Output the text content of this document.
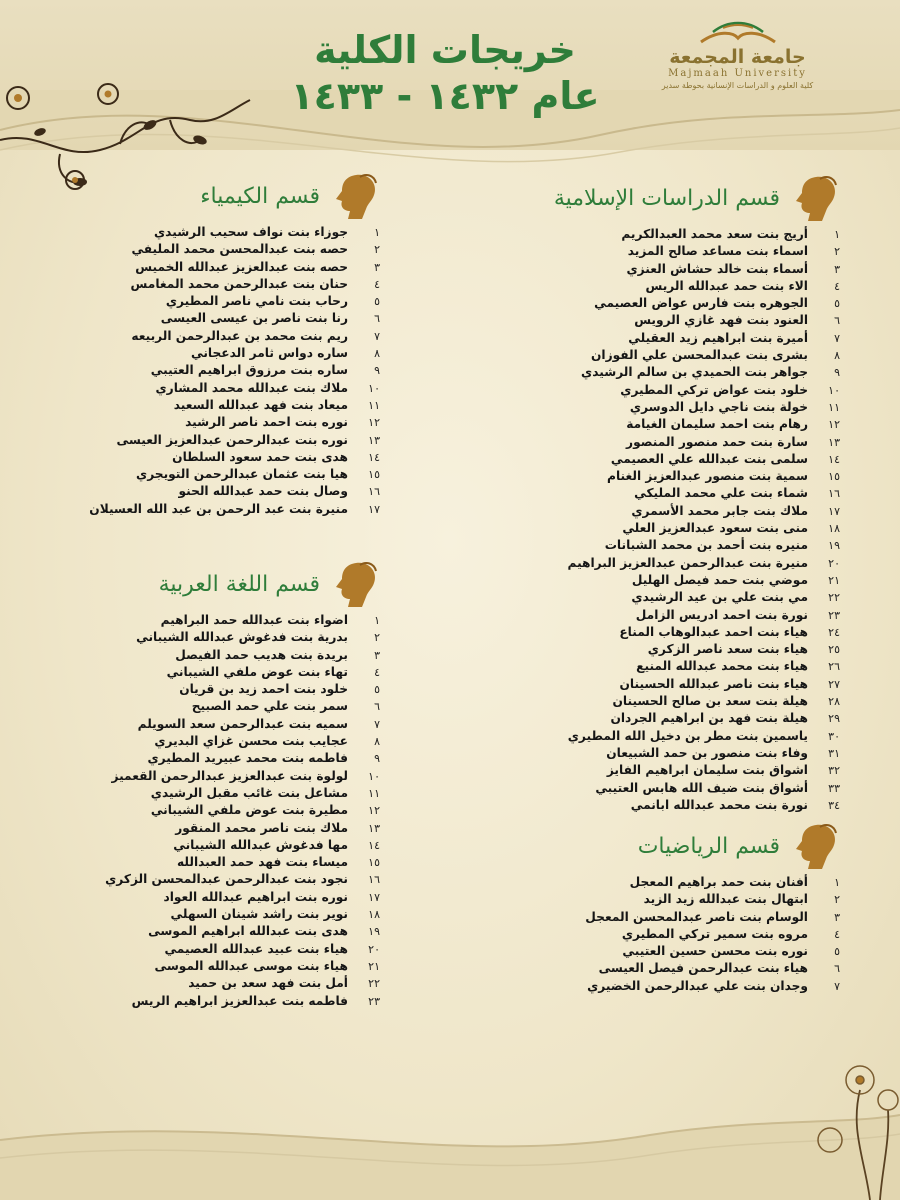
خريجات الكلية
عام ١٤٣٢ - ١٤٣٣
جامعة المجمعة
Majmaah University
كلية العلوم و الدراسات الإنسانية بحوطة سدير
قسم الدراسات الإسلامية
١
أريج بنت سعد محمد العبدالكريم
٢
اسماء بنت مساعد صالح المزيد
٣
أسماء بنت خالد حشاش العنزي
٤
الاء بنت حمد عبدالله الريس
٥
الجوهره بنت فارس عواض العصيمي
٦
العنود بنت فهد غازي الرويس
٧
أميرة بنت ابراهيم زيد العقيلي
٨
بشرى بنت عبدالمحسن علي الفوزان
٩
جواهر بنت الحميدي بن سالم الرشيدي
١٠
خلود بنت عواض تركي المطيري
١١
خولة بنت ناجي دايل الدوسري
١٢
رهام بنت احمد سليمان الغيامة
١٣
سارة بنت حمد منصور المنصور
١٤
سلمى بنت عبدالله علي العصيمي
١٥
سمية بنت منصور عبدالعزيز الغنام
١٦
شماء بنت علي محمد المليكي
١٧
ملاك بنت جابر محمد الأسمري
١٨
منى بنت سعود عبدالعزيز العلي
١٩
منيره بنت أحمد بن محمد الشبانات
٢٠
منيرة بنت عبدالرحمن عبدالعزيز البراهيم
٢١
موضي بنت حمد فيصل الهليل
٢٢
مي بنت علي بن عيد الرشيدي
٢٣
نورة بنت احمد ادريس الزامل
٢٤
هياء بنت احمد عبدالوهاب المناع
٢٥
هياء بنت سعد ناصر الزكري
٢٦
هياء بنت محمد عبدالله المنيع
٢٧
هياء بنت ناصر عبدالله الحسينان
٢٨
هيلة بنت سعد بن صالح الحسينان
٢٩
هيلة بنت فهد بن ابراهيم الجردان
٣٠
ياسمين بنت مطر بن دخيل الله المطيري
٣١
وفاء بنت منصور بن حمد الشبيعان
٣٢
اشواق بنت سليمان ابراهيم الفايز
٣٣
أشواق بنت ضيف الله هابس العتيبي
٣٤
نورة بنت محمد عبدالله ابانمي
قسم الكيمياء
١
جوزاء بنت نواف سحيب الرشيدي
٢
حصه بنت عبدالمحسن محمد المليفي
٣
حصه بنت عبدالعزيز عبدالله الخميس
٤
حنان بنت عبدالرحمن محمد المغامس
٥
رحاب بنت نامي ناصر المطيري
٦
رنا بنت ناصر بن عيسى العيسى
٧
ريم بنت محمد بن عبدالرحمن الربيعه
٨
ساره دواس ثامر الدعجاني
٩
ساره بنت مرزوق ابراهيم العتيبي
١٠
ملاك بنت عبدالله محمد المشاري
١١
ميعاد بنت فهد عبدالله السعيد
١٢
نوره بنت احمد ناصر الرشيد
١٣
نوره بنت عبدالرحمن عبدالعزيز العيسى
١٤
هدى بنت حمد سعود السلطان
١٥
هيا بنت عثمان عبدالرحمن التويجري
١٦
وصال بنت حمد عبدالله الحنو
١٧
منيرة بنت عبد الرحمن بن عبد الله العسيلان
قسم اللغة العربية
١
اضواء بنت عبدالله حمد البراهيم
٢
بدرية بنت فدغوش عبدالله الشيباني
٣
بريدة بنت هديب حمد الفيصل
٤
تهاء بنت عوض ملفي الشيباني
٥
خلود بنت احمد زيد بن قريان
٦
سمر بنت علي حمد الصبيح
٧
سميه بنت عبدالرحمن سعد السويلم
٨
عجايب بنت محسن غزاي البديري
٩
فاطمه بنت محمد عبيريد المطيري
١٠
لولوة بنت عبدالعزيز عبدالرحمن القعميز
١١
مشاعل بنت غائب مقبل الرشيدي
١٢
مطيرة بنت عوض ملفي الشيباني
١٣
ملاك بنت ناصر محمد المنقور
١٤
مها فدغوش عبدالله الشيباني
١٥
ميساء بنت فهد حمد العبدالله
١٦
نجود بنت عبدالرحمن عبدالمحسن الزكري
١٧
نوره بنت ابراهيم عبدالله العواد
١٨
نوير بنت راشد شينان السهلي
١٩
هدى بنت عبدالله ابراهيم الموسى
٢٠
هياء بنت عبيد عبدالله العصيمي
٢١
هياء بنت موسى عبدالله الموسى
٢٢
أمل بنت فهد سعد بن حميد
٢٣
فاطمه بنت عبدالعزيز ابراهيم الريس
قسم الرياضيات
١
أفنان بنت حمد براهيم المعجل
٢
ابتهال بنت عبدالله زيد الزيد
٣
الوسام بنت ناصر عبدالمحسن المعجل
٤
مروه بنت سمير تركي المطيري
٥
نوره بنت محسن حسين العتيبي
٦
هياء بنت عبدالرحمن فيصل العيسى
٧
وجدان بنت علي عبدالرحمن الخضيري
